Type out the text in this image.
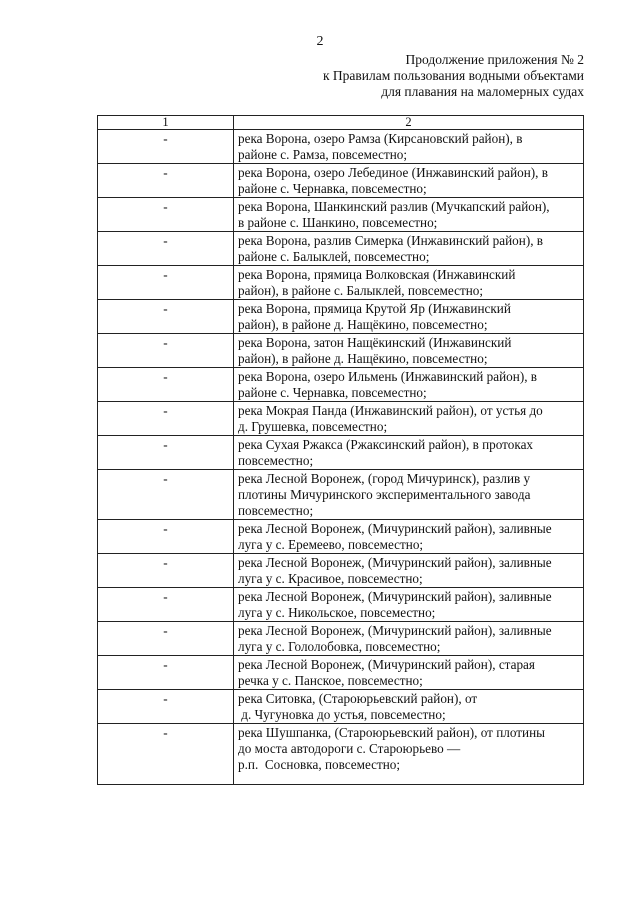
2
Продолжение приложения № 2
к Правилам пользования водными объектами
для плавания на маломерных судах
1	2
-	река Ворона, озеро Рамза (Кирсановский район), в
районе с. Рамза, повсеместно;

-	река Ворона, озеро Лебединое (Инжавинский район), в
районе с. Чернавка, повсеместно;

-	река Ворона, Шанкинский разлив (Мучкапский район),
в районе с. Шанкино, повсеместно;

-	река Ворона, разлив Симерка (Инжавинский район), в
районе с. Балыклей, повсеместно;

-	река Ворона, прямица Волковская (Инжавинский
район), в районе с. Балыклей, повсеместно;

-	река Ворона, прямица Крутой Яр (Инжавинский
район), в районе д. Нащёкино, повсеместно;

-	река Ворона, затон Нащёкинский (Инжавинский
район), в районе д. Нащёкино, повсеместно;

-	река Ворона, озеро Ильмень (Инжавинский район), в
районе с. Чернавка, повсеместно;

-	река Мокрая Панда (Инжавинский район), от устья до
д. Грушевка, повсеместно;

-	река Сухая Ржакса (Ржаксинский район), в протоках
повсеместно;

-	река Лесной Воронеж, (город Мичуринск), разлив у
плотины Мичуринского экспериментального завода
повсеместно;

-	река Лесной Воронеж, (Мичуринский район), заливные
луга у с. Еремеево, повсеместно;

-	река Лесной Воронеж, (Мичуринский район), заливные
луга у с. Красивое, повсеместно;

-	река Лесной Воронеж, (Мичуринский район), заливные
луга у с. Никольское, повсеместно;

-	река Лесной Воронеж, (Мичуринский район), заливные
луга у с. Гололобовка, повсеместно;

-	река Лесной Воронеж, (Мичуринский район), старая
речка у с. Панское, повсеместно;

-	река Ситовка, (Староюрьевский район), от
д. Чугуновка до устья, повсеместно;

-	река Шушпанка, (Староюрьевский район), от плотины
до моста автодороги с. Староюрьево —
р.п.  Сосновка, повсеместно;
